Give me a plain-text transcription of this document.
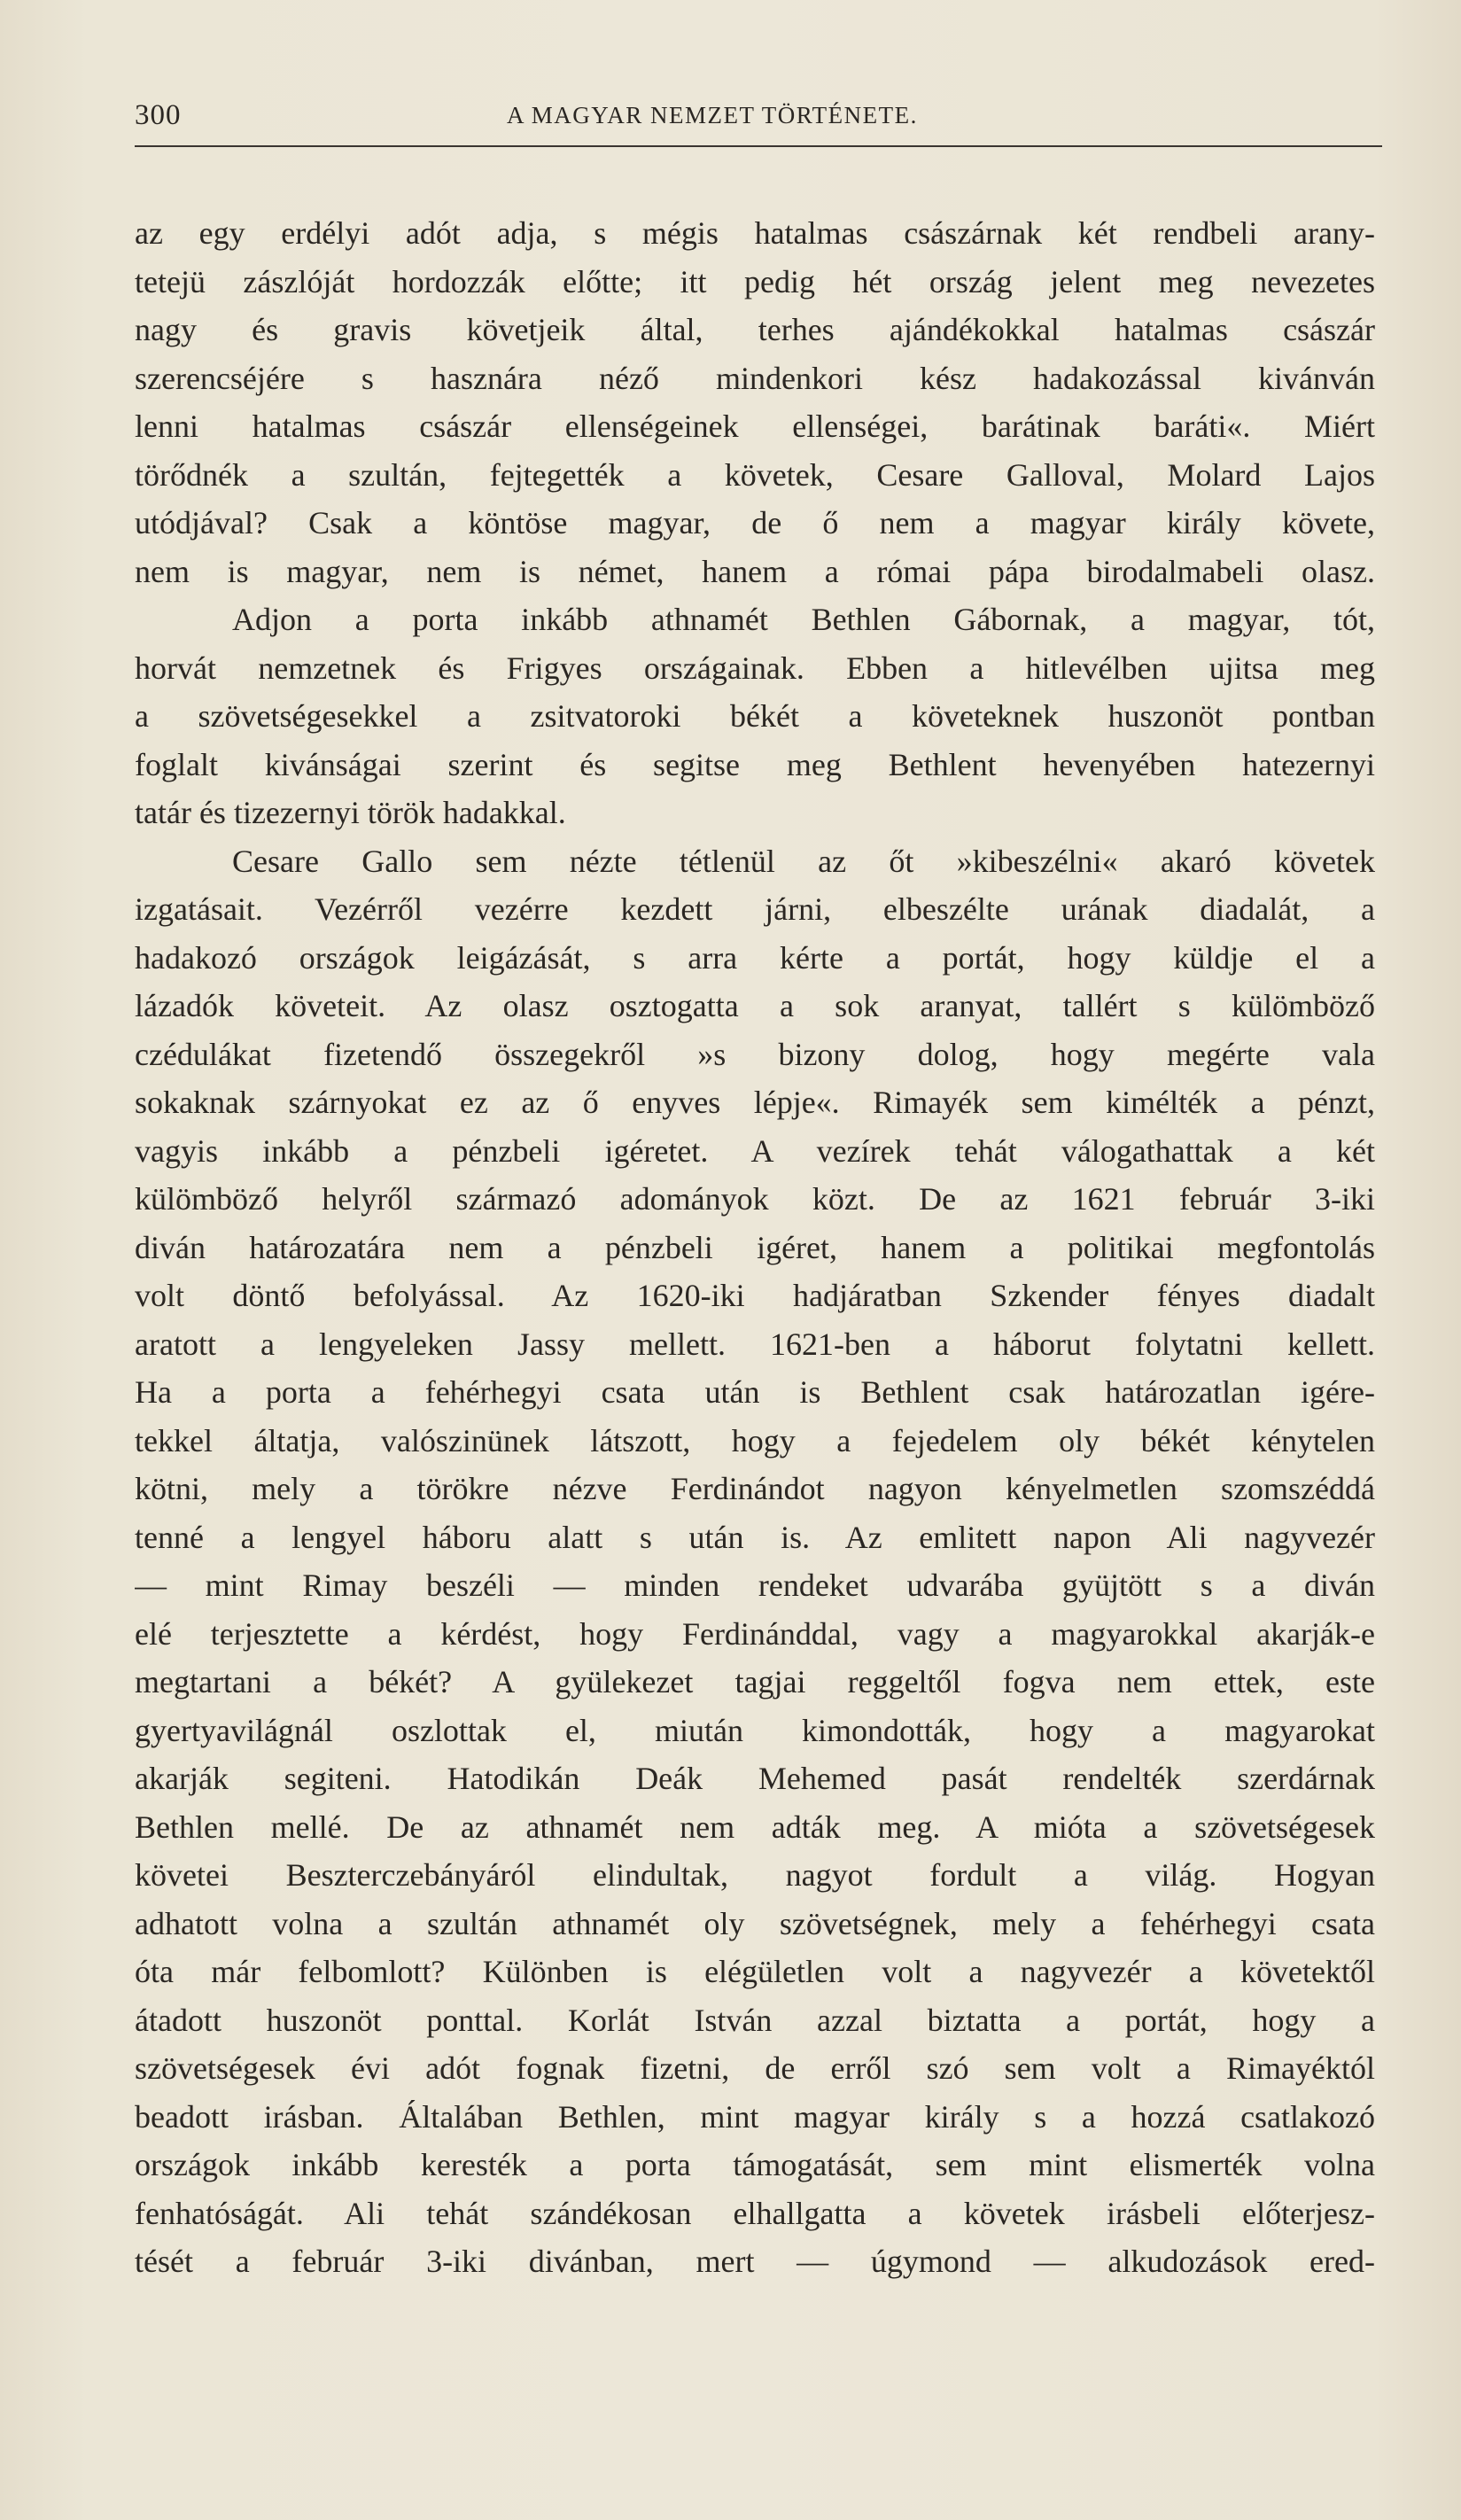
300	A MAGYAR NEMZET TÖRTÉNETE.
az egy erdélyi adót adja, s mégis hatalmas császárnak két rendbeli arany-
tetejü zászlóját hordozzák előtte; itt pedig hét ország jelent meg nevezetes
nagy és gravis követjeik által, terhes ajándékokkal hatalmas császár
szerencséjére s hasznára néző mindenkori kész hadakozással kivánván
lenni hatalmas császár ellenségeinek ellenségei, barátinak baráti«. Miért
törődnék a szultán, fejtegették a követek, Cesare Galloval, Molard Lajos
utódjával? Csak a köntöse magyar, de ő nem a magyar király követe,
nem is magyar, nem is német, hanem a római pápa birodalmabeli olasz.
Adjon a porta inkább athnamét Bethlen Gábornak, a magyar, tót,
horvát nemzetnek és Frigyes országainak. Ebben a hitlevélben ujitsa meg
a szövetségesekkel a zsitvatoroki békét a követeknek huszonöt pontban
foglalt kivánságai szerint és segitse meg Bethlent hevenyében hatezernyi
tatár és tizezernyi török hadakkal.
Cesare Gallo sem nézte tétlenül az őt »kibeszélni« akaró követek
izgatásait. Vezérről vezérre kezdett járni, elbeszélte urának diadalát, a
hadakozó országok leigázását, s arra kérte a portát, hogy küldje el a
lázadók követeit. Az olasz osztogatta a sok aranyat, tallért s külömböző
czédulákat fizetendő összegekről »s bizony dolog, hogy megérte vala
sokaknak szárnyokat ez az ő enyves lépje«. Rimayék sem kimélték a pénzt,
vagyis inkább a pénzbeli igéretet. A vezírek tehát válogathattak a két
külömböző helyről származó adományok közt. De az 1621 február 3-iki
diván határozatára nem a pénzbeli igéret, hanem a politikai megfontolás
volt döntő befolyással. Az 1620-iki hadjáratban Szkender fényes diadalt
aratott a lengyeleken Jassy mellett. 1621-ben a háborut folytatni kellett.
Ha a porta a fehérhegyi csata után is Bethlent csak határozatlan igére-
tekkel áltatja, valószinünek látszott, hogy a fejedelem oly békét kénytelen
kötni, mely a törökre nézve Ferdinándot nagyon kényelmetlen szomszéddá
tenné a lengyel háboru alatt s után is. Az emlitett napon Ali nagyvezér
— mint Rimay beszéli — minden rendeket udvarába gyüjtött s a diván
elé terjesztette a kérdést, hogy Ferdinánddal, vagy a magyarokkal akarják-e
megtartani a békét? A gyülekezet tagjai reggeltől fogva nem ettek, este
gyertyavilágnál oszlottak el, miután kimondották, hogy a magyarokat
akarják segiteni. Hatodikán Deák Mehemed pasát rendelték szerdárnak
Bethlen mellé. De az athnamét nem adták meg. A mióta a szövetségesek
követei Beszterczebányáról elindultak, nagyot fordult a világ. Hogyan
adhatott volna a szultán athnamét oly szövetségnek, mely a fehérhegyi csata
óta már felbomlott? Különben is elégületlen volt a nagyvezér a követektől
átadott huszonöt ponttal. Korlát István azzal biztatta a portát, hogy a
szövetségesek évi adót fognak fizetni, de erről szó sem volt a Rimayéktól
beadott irásban. Általában Bethlen, mint magyar király s a hozzá csatlakozó
országok inkább keresték a porta támogatását, sem mint elismerték volna
fenhatóságát. Ali tehát szándékosan elhallgatta a követek irásbeli előterjesz-
tését a február 3-iki divánban, mert — úgymond — alkudozások ered-
